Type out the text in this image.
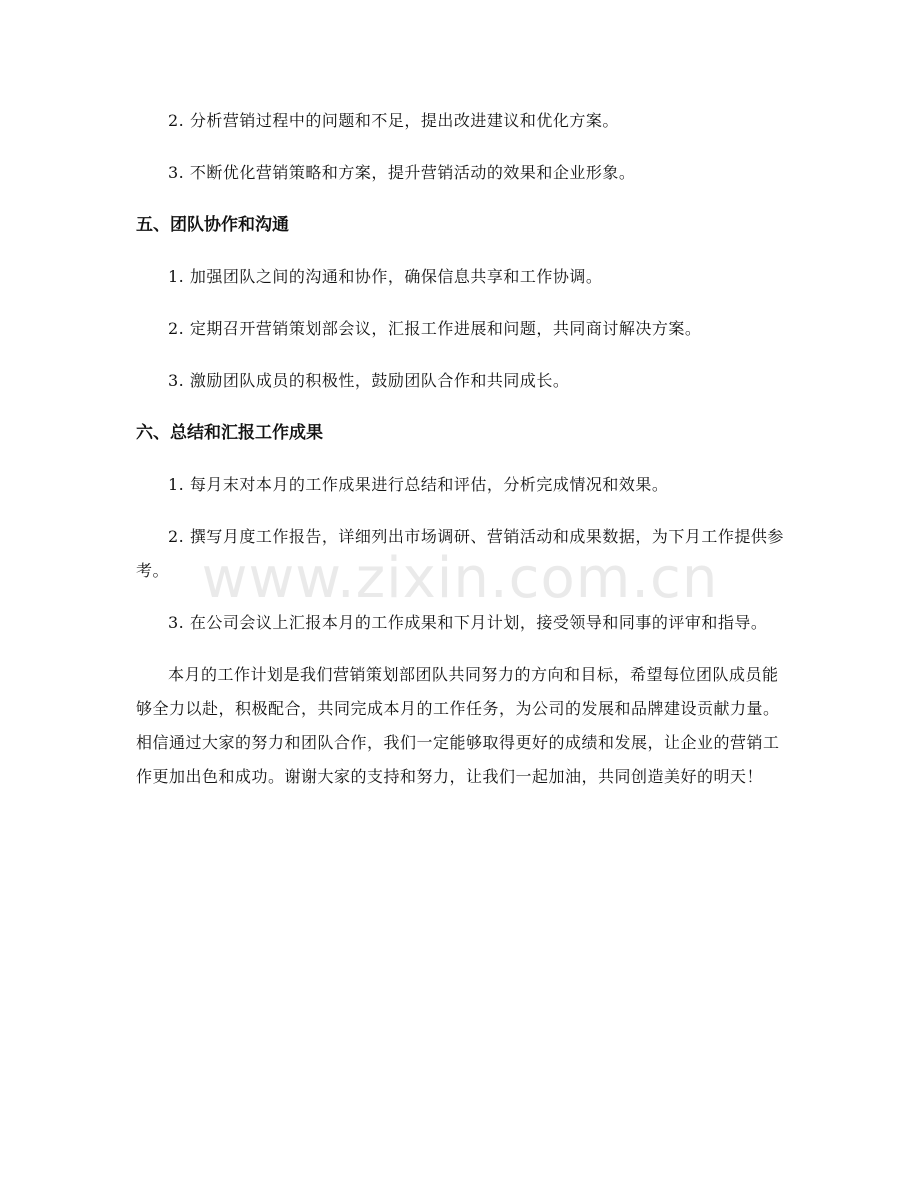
2. 分析营销过程中的问题和不足，提出改进建议和优化方案。

3. 不断优化营销策略和方案，提升营销活动的效果和企业形象。

五、团队协作和沟通

1. 加强团队之间的沟通和协作，确保信息共享和工作协调。

2. 定期召开营销策划部会议，汇报工作进展和问题，共同商讨解决方案。

3. 激励团队成员的积极性，鼓励团队合作和共同成长。

六、总结和汇报工作成果

1. 每月末对本月的工作成果进行总结和评估，分析完成情况和效果。

2. 撰写月度工作报告，详细列出市场调研、营销活动和成果数据，为下月工作提供参考。

3. 在公司会议上汇报本月的工作成果和下月计划，接受领导和同事的评审和指导。

本月的工作计划是我们营销策划部团队共同努力的方向和目标，希望每位团队成员能够全力以赴，积极配合，共同完成本月的工作任务，为公司的发展和品牌建设贡献力量。相信通过大家的努力和团队合作，我们一定能够取得更好的成绩和发展，让企业的营销工作更加出色和成功。谢谢大家的支持和努力，让我们一起加油，共同创造美好的明天！

www.zixin.com.cn
